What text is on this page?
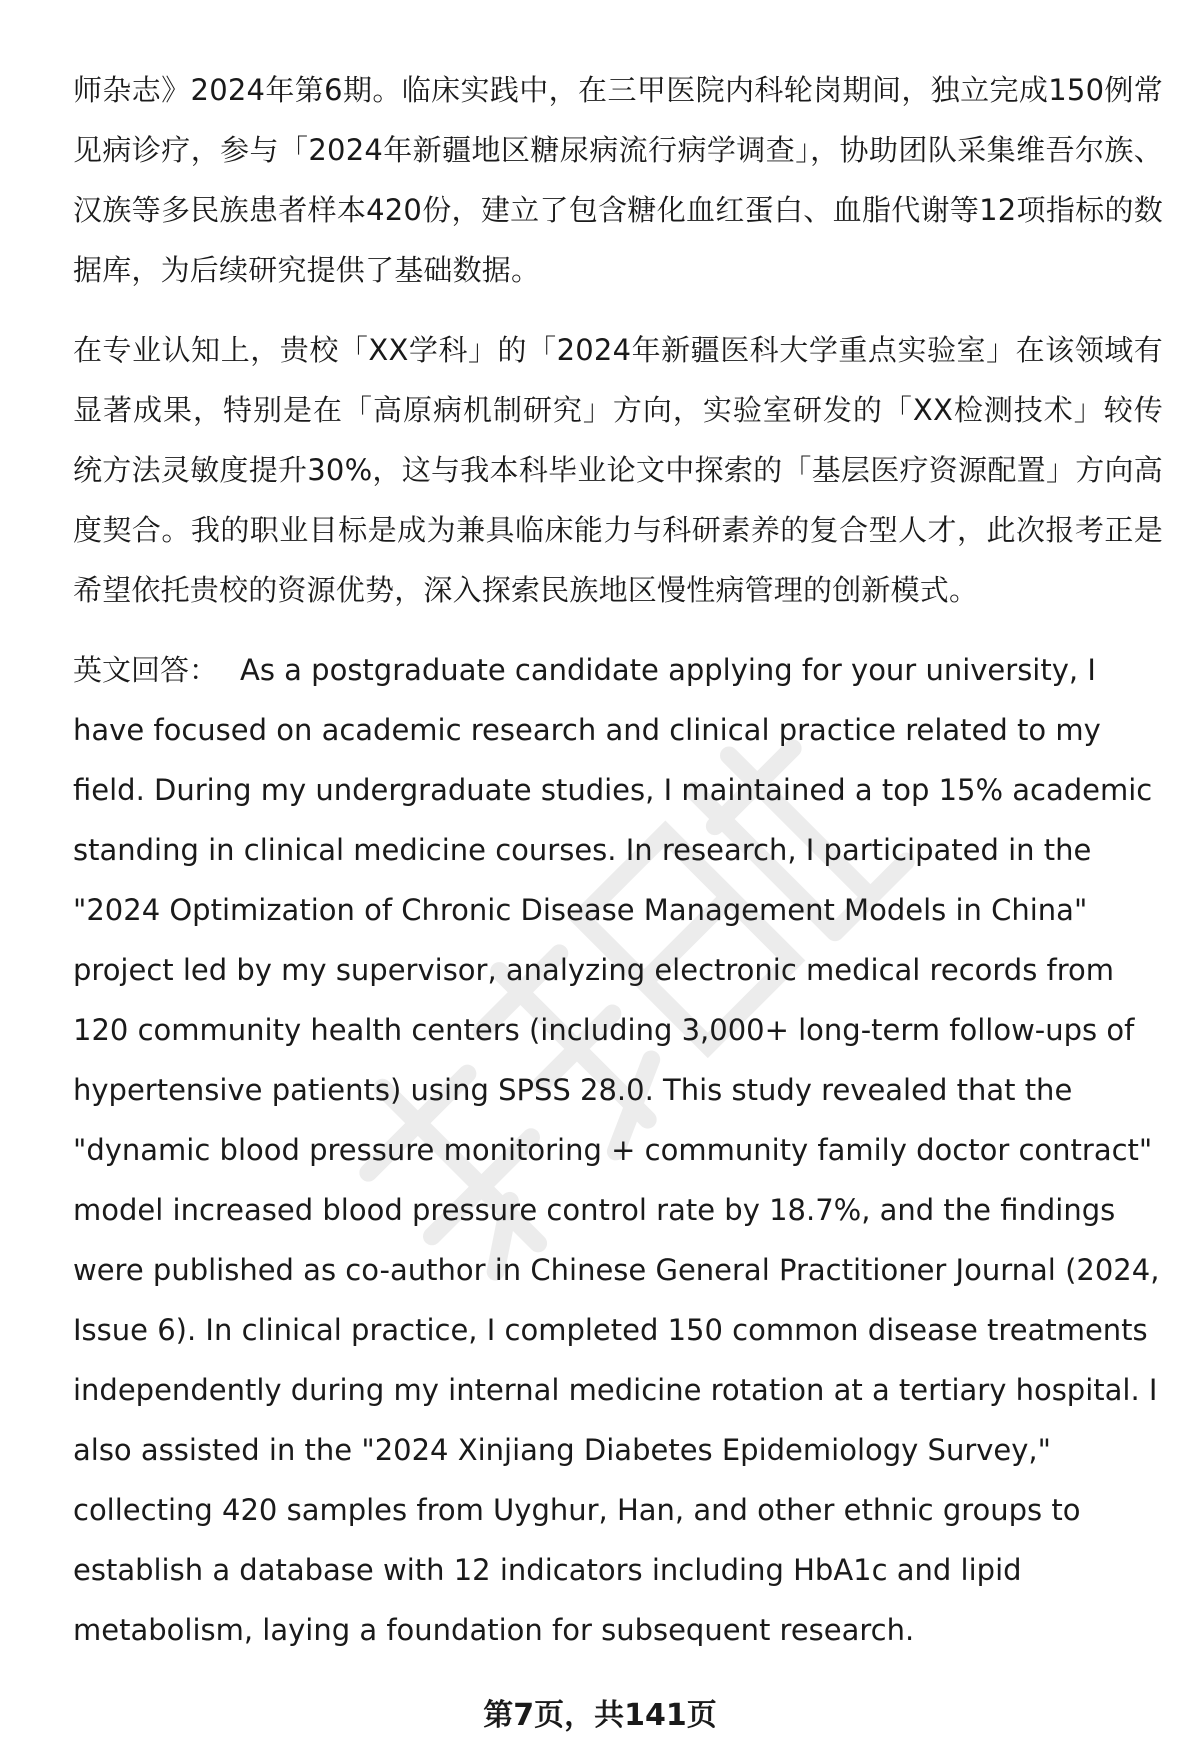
师杂志》2024年第6期。临床实践中，在三甲医院内科轮岗期间，独立完成150例常见病诊疗，参与「2024年新疆地区糖尿病流行病学调查」，协助团队采集维吾尔族、汉族等多民族患者样本420份，建立了包含糖化血红蛋白、血脂代谢等12项指标的数据库，为后续研究提供了基础数据。

在专业认知上，贵校「XX学科」的「2024年新疆医科大学重点实验室」在该领域有显著成果，特别是在「高原病机制研究」方向，实验室研发的「XX检测技术」较传统方法灵敏度提升30%，这与我本科毕业论文中探索的「基层医疗资源配置」方向高度契合。我的职业目标是成为兼具临床能力与科研素养的复合型人才，此次报考正是希望依托贵校的资源优势，深入探索民族地区慢性病管理的创新模式。

英文回答： As a postgraduate candidate applying for your university, I have focused on academic research and clinical practice related to my field. During my undergraduate studies, I maintained a top 15% academic standing in clinical medicine courses. In research, I participated in the "2024 Optimization of Chronic Disease Management Models in China" project led by my supervisor, analyzing electronic medical records from 120 community health centers (including 3,000+ long-term follow-ups of hypertensive patients) using SPSS 28.0. This study revealed that the "dynamic blood pressure monitoring + community family doctor contract" model increased blood pressure control rate by 18.7%, and the findings were published as co-author in Chinese General Practitioner Journal (2024, Issue 6). In clinical practice, I completed 150 common disease treatments independently during my internal medicine rotation at a tertiary hospital. I also assisted in the "2024 Xinjiang Diabetes Epidemiology Survey," collecting 420 samples from Uyghur, Han, and other ethnic groups to establish a database with 12 indicators including HbA1c and lipid metabolism, laying a foundation for subsequent research.

第7页，共141页
